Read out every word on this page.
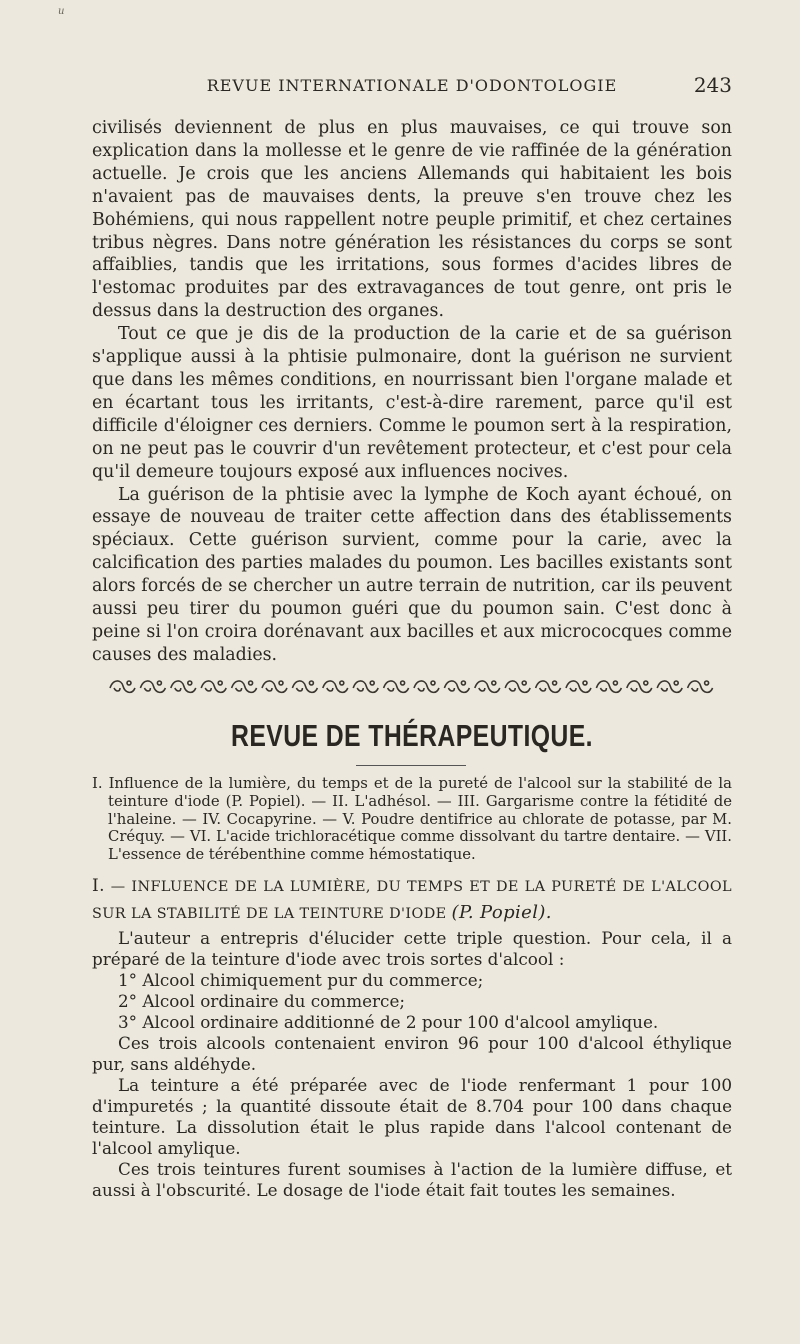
u
REVUE INTERNATIONALE D'ODONTOLOGIE	243

civilisés deviennent de plus en plus mauvaises, ce qui trouve son explication dans la mollesse et le genre de vie raffinée de la génération actuelle. Je crois que les anciens Allemands qui habitaient les bois n'avaient pas de mauvaises dents, la preuve s'en trouve chez les Bohémiens, qui nous rappellent notre peuple primitif, et chez certaines tribus nègres. Dans notre génération les résistances du corps se sont affaiblies, tandis que les irritations, sous formes d'acides libres de l'estomac produites par des extravagances de tout genre, ont pris le dessus dans la destruction des organes.

Tout ce que je dis de la production de la carie et de sa guérison s'applique aussi à la phtisie pulmonaire, dont la guérison ne survient que dans les mêmes conditions, en nourrissant bien l'organe malade et en écartant tous les irritants, c'est-à-dire rarement, parce qu'il est difficile d'éloigner ces derniers. Comme le poumon sert à la respiration, on ne peut pas le couvrir d'un revêtement protecteur, et c'est pour cela qu'il demeure toujours exposé aux influences nocives.

La guérison de la phtisie avec la lymphe de Koch ayant échoué, on essaye de nouveau de traiter cette affection dans des établissements spéciaux. Cette guérison survient, comme pour la carie, avec la calcification des parties malades du poumon. Les bacilles existants sont alors forcés de se chercher un autre terrain de nutrition, car ils peuvent aussi peu tirer du poumon guéri que du poumon sain. C'est donc à peine si l'on croira dorénavant aux bacilles et aux micrococques comme causes des maladies.

REVUE DE THÉRAPEUTIQUE.

I. Influence de la lumière, du temps et de la pureté de l'alcool sur la stabilité de la teinture d'iode (P. Popiel). — II. L'adhésol. — III. Gargarisme contre la fétidité de l'haleine. — IV. Cocapyrine. — V. Poudre dentifrice au chlorate de potasse, par M. Créquy. — VI. L'acide trichloracétique comme dissolvant du tartre dentaire. — VII. L'essence de térébenthine comme hémostatique.

I. — INFLUENCE DE LA LUMIÈRE, DU TEMPS ET DE LA PURETÉ DE L'ALCOOL SUR LA STABILITÉ DE LA TEINTURE D'IODE (P. Popiel).

L'auteur a entrepris d'élucider cette triple question. Pour cela, il a préparé de la teinture d'iode avec trois sortes d'alcool :

1° Alcool chimiquement pur du commerce;

2° Alcool ordinaire du commerce;

3° Alcool ordinaire additionné de 2 pour 100 d'alcool amylique.

Ces trois alcools contenaient environ 96 pour 100 d'alcool éthylique pur, sans aldéhyde.

La teinture a été préparée avec de l'iode renfermant 1 pour 100 d'impuretés ; la quantité dissoute était de 8.704 pour 100 dans chaque teinture. La dissolution était le plus rapide dans l'alcool contenant de l'alcool amylique.

Ces trois teintures furent soumises à l'action de la lumière diffuse, et aussi à l'obscurité. Le dosage de l'iode était fait toutes les semaines.
